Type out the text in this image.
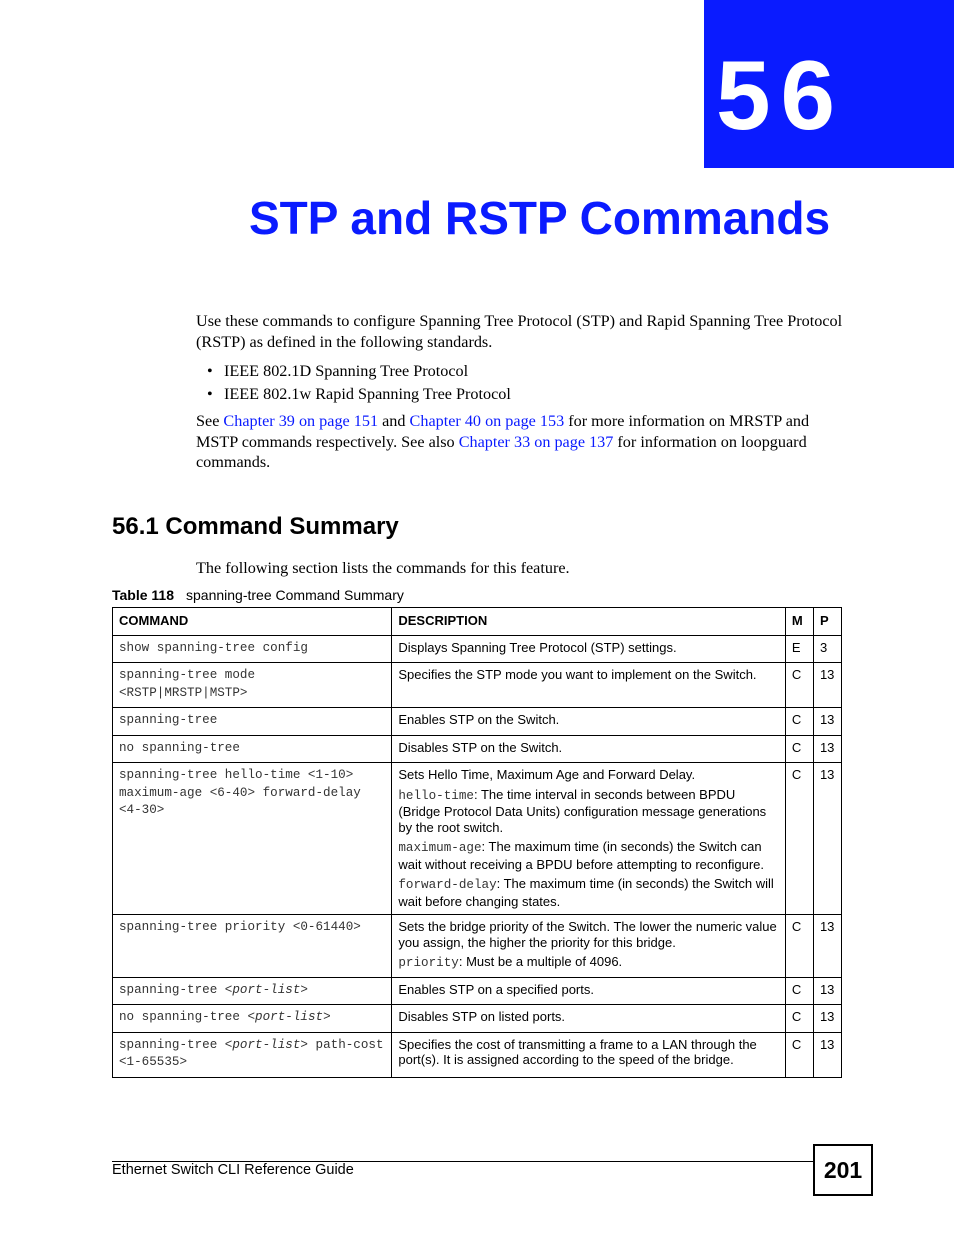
56
STP and RSTP Commands
Use these commands to configure Spanning Tree Protocol (STP) and Rapid Spanning Tree Protocol (RSTP) as defined in the following standards.
• IEEE 802.1D Spanning Tree Protocol
• IEEE 802.1w Rapid Spanning Tree Protocol
See Chapter 39 on page 151 and Chapter 40 on page 153 for more information on MRSTP and MSTP commands respectively. See also Chapter 33 on page 137 for information on loopguard commands.
56.1 Command Summary
The following section lists the commands for this feature.
Table 118 spanning-tree Command Summary
COMMAND	DESCRIPTION	M	P
show spanning-tree config	Displays Spanning Tree Protocol (STP) settings.	E	3
spanning-tree mode <RSTP|MRSTP|MSTP>	Specifies the STP mode you want to implement on the Switch.	C	13
spanning-tree	Enables STP on the Switch.	C	13
no spanning-tree	Disables STP on the Switch.	C	13
spanning-tree hello-time <1-10> maximum-age <6-40> forward-delay <4-30>	Sets Hello Time, Maximum Age and Forward Delay.

hello-time: The time interval in seconds between BPDU (Bridge Protocol Data Units) configuration message generations by the root switch.

maximum-age: The maximum time (in seconds) the Switch can wait without receiving a BPDU before attempting to reconfigure.

forward-delay: The maximum time (in seconds) the Switch will wait before changing states.	C	13
spanning-tree priority <0-61440>	Sets the bridge priority of the Switch. The lower the numeric value you assign, the higher the priority for this bridge.

priority: Must be a multiple of 4096.	C	13
spanning-tree <port-list>	Enables STP on a specified ports.	C	13
no spanning-tree <port-list>	Disables STP on listed ports.	C	13
spanning-tree <port-list> path-cost <1-65535>	Specifies the cost of transmitting a frame to a LAN through the port(s). It is assigned according to the speed of the bridge.	C	13
Ethernet Switch CLI Reference Guide	201
